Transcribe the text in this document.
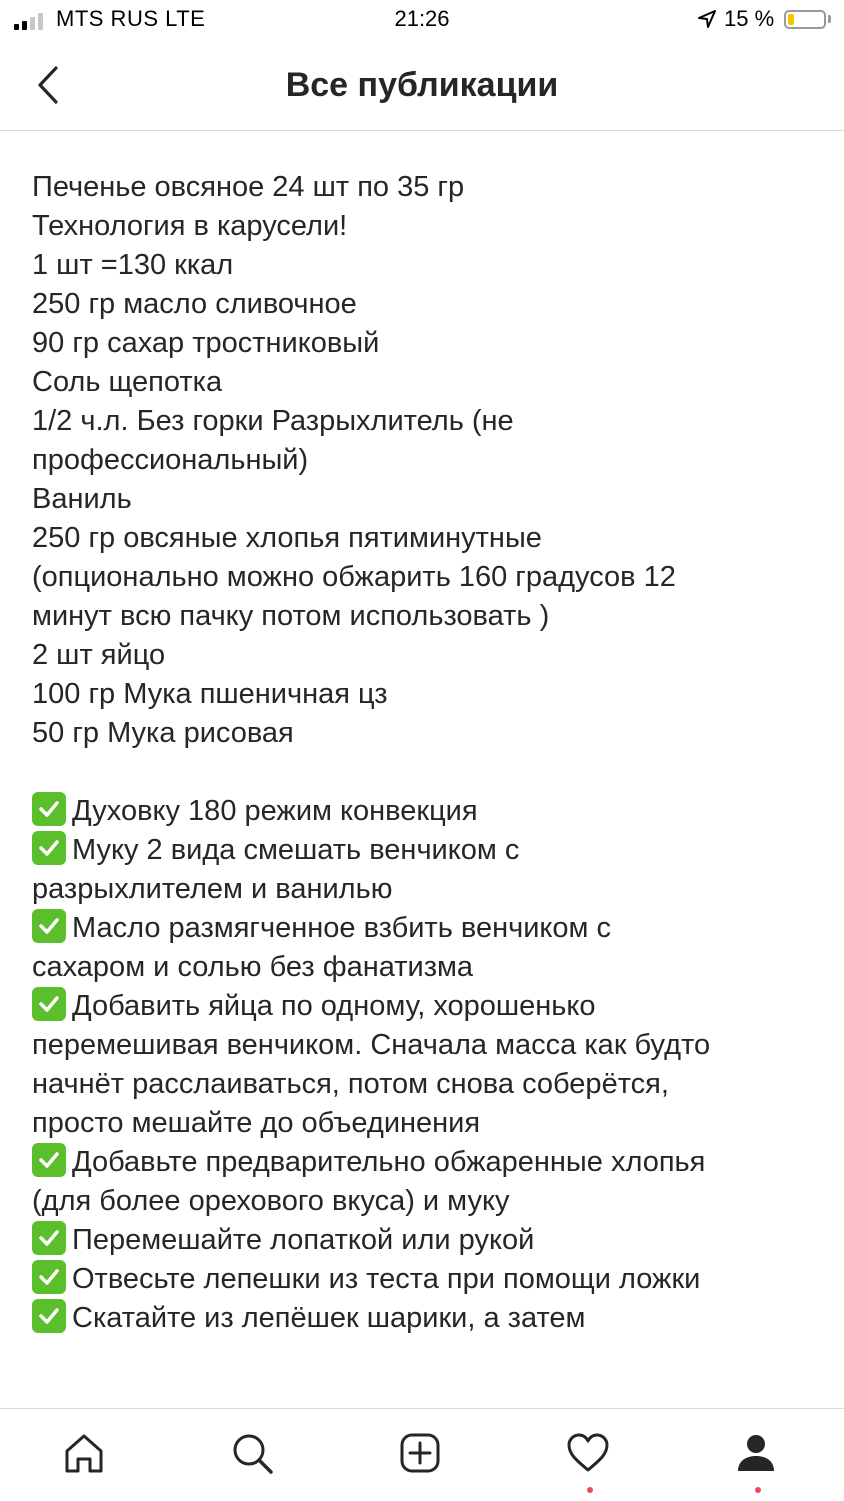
MTS RUS LTE	21:26	15 %
Все публикации
Печенье овсяное 24 шт по 35 гр
Технология в карусели!
1 шт =130 ккал
250 гр масло сливочное
90 гр сахар тростниковый
Соль щепотка
1/2 ч.л. Без горки Разрыхлитель (не
профессиональный)
Ваниль
250 гр овсяные хлопья пятиминутные
(опционально можно обжарить 160 градусов 12
минут всю пачку потом использовать )
2 шт яйцо
100 гр Мука пшеничная цз
50 гр Мука рисовая
Духовку 180 режим конвекция
Муку 2 вида смешать венчиком с
разрыхлителем и ванилью
Масло размягченное взбить венчиком с
сахаром и солью без фанатизма
Добавить яйца по одному, хорошенько
перемешивая венчиком. Сначала масса как будто
начнёт расслаиваться, потом снова соберётся,
просто мешайте до объединения
Добавьте предварительно обжаренные хлопья
(для более орехового вкуса) и муку
Перемешайте лопаткой или рукой
Отвесьте лепешки из теста при помощи ложки
Скатайте из лепёшек шарики, а затем
